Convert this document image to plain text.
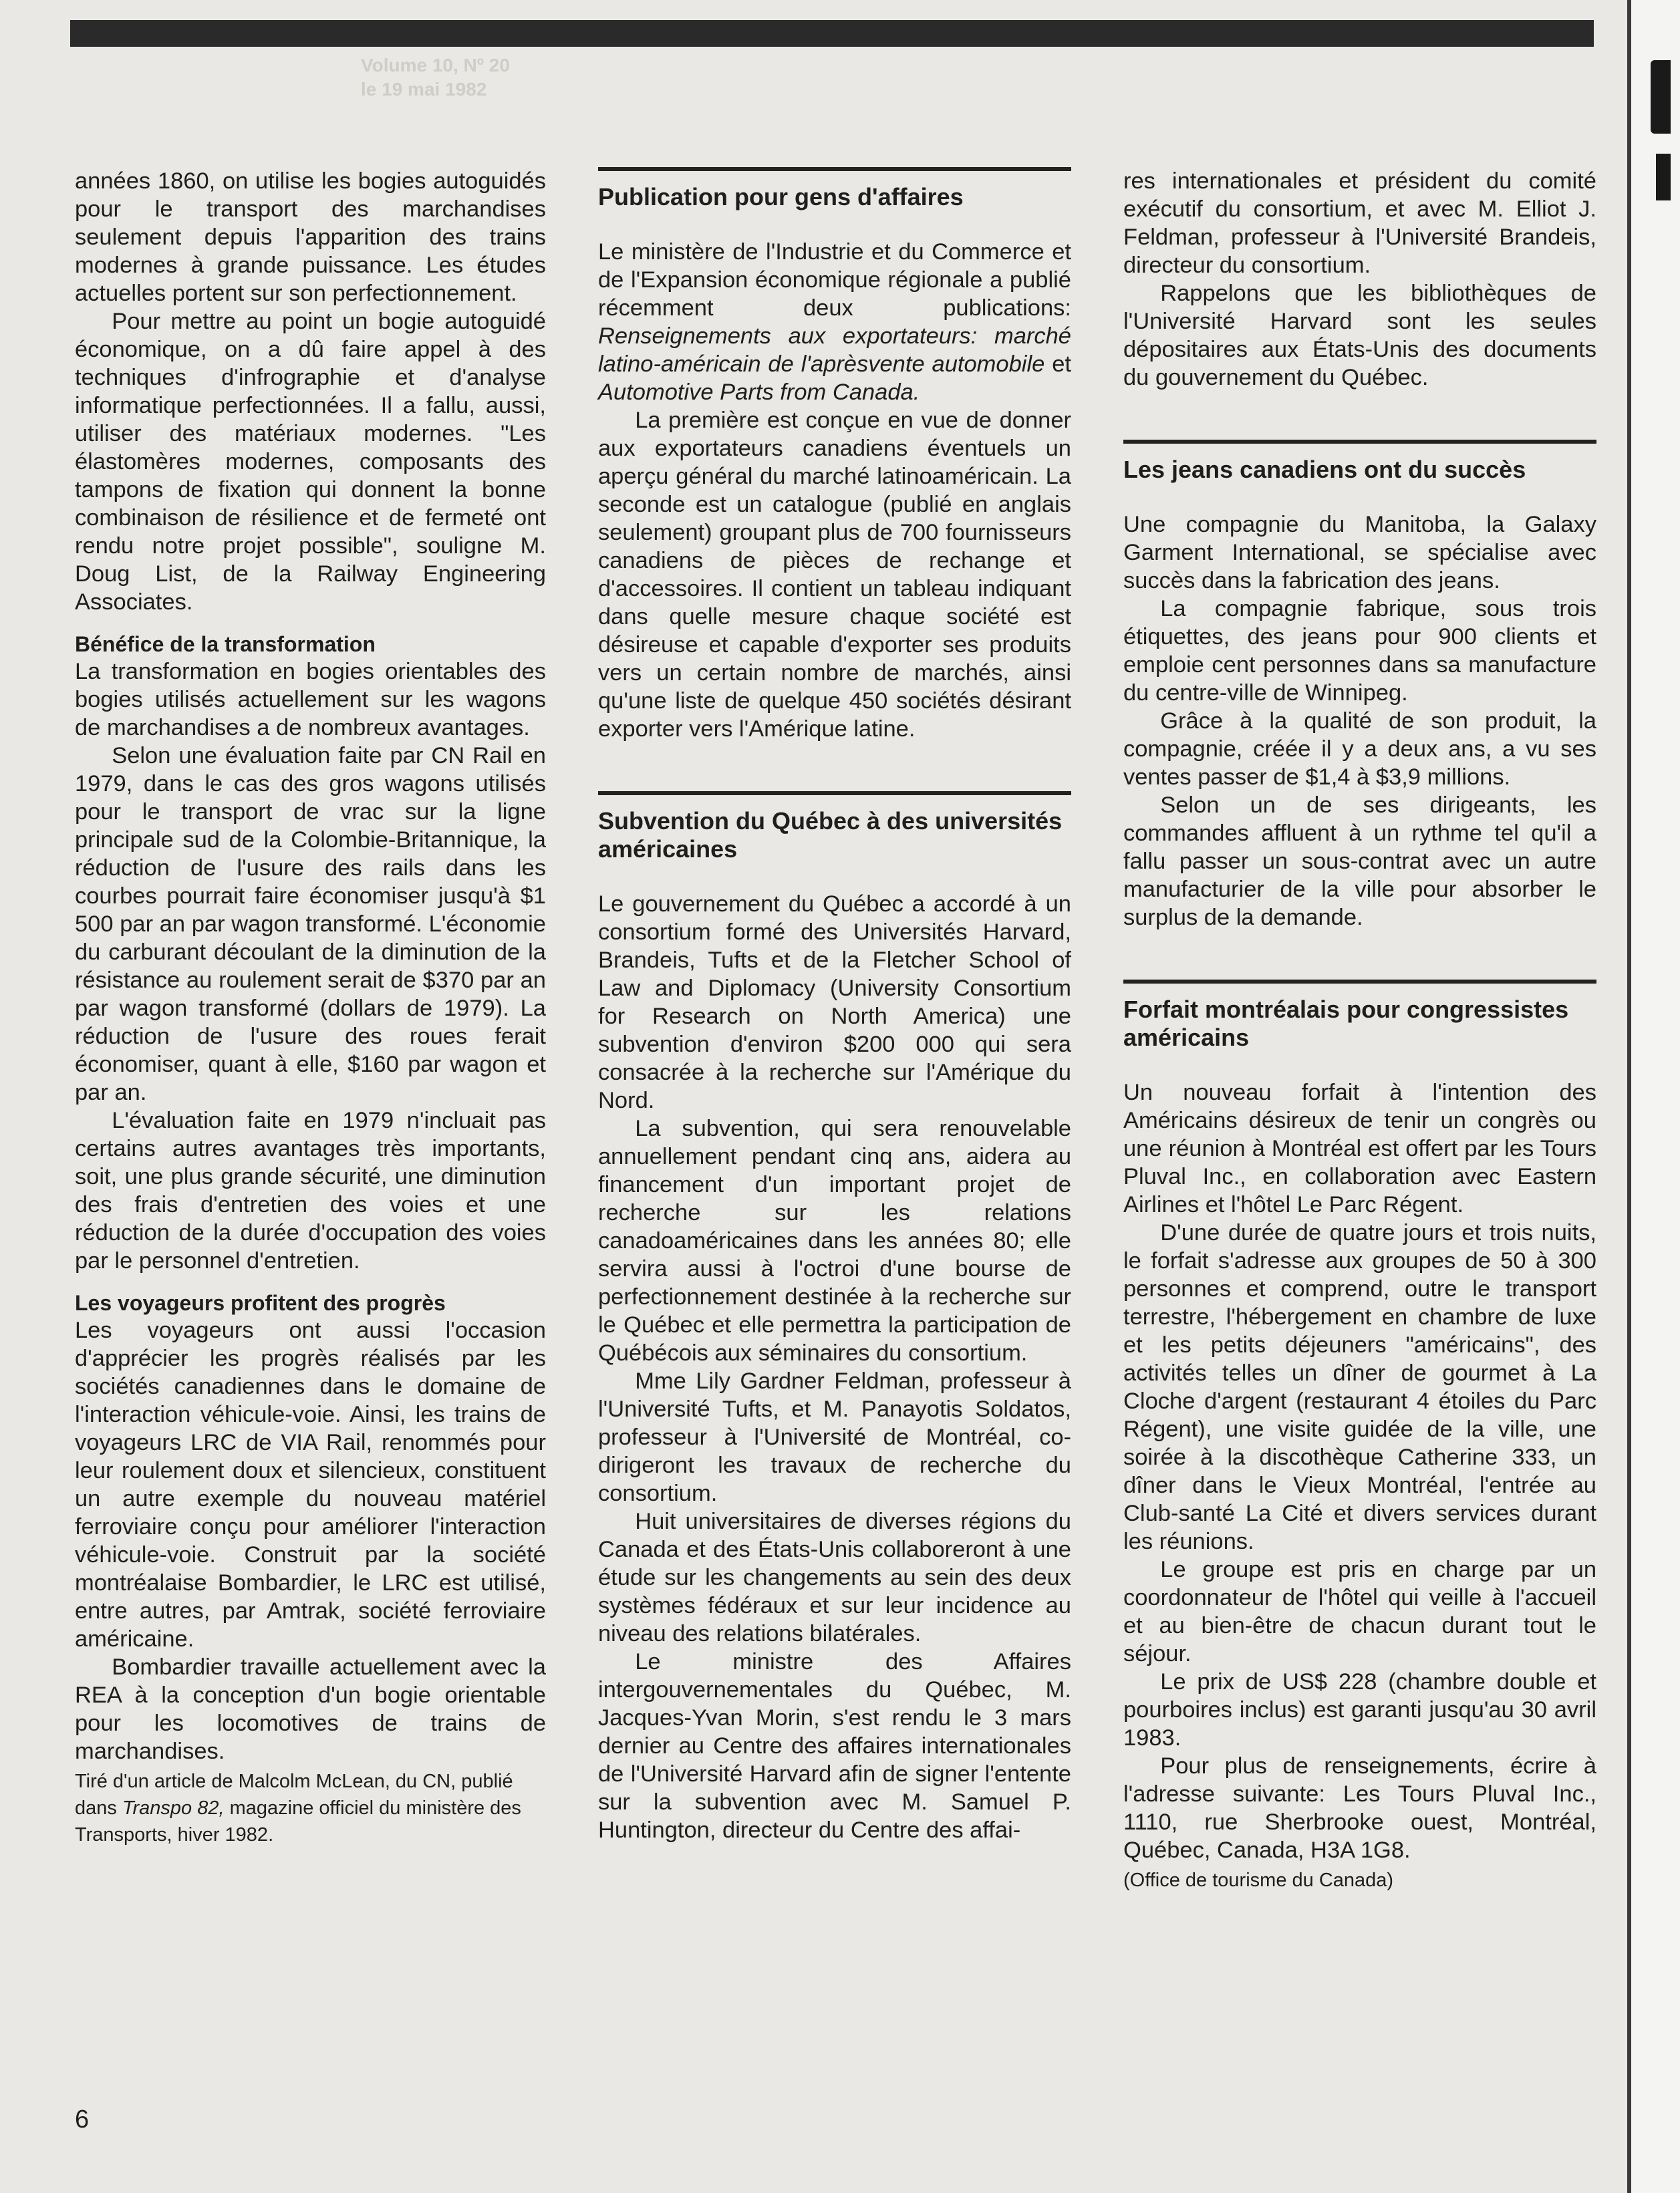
Volume 10, Nº 20
le 19 mai 1982

années 1860, on utilise les bogies autoguidés pour le transport des marchandises seulement depuis l'apparition des trains modernes à grande puissance. Les études actuelles portent sur son perfectionnement.

Pour mettre au point un bogie autoguidé économique, on a dû faire appel à des techniques d'infrographie et d'analyse informatique perfectionnées. Il a fallu, aussi, utiliser des matériaux modernes. "Les élastomères modernes, composants des tampons de fixation qui donnent la bonne combinaison de résilience et de fermeté ont rendu notre projet possible", souligne M. Doug List, de la Railway Engineering Associates.

Bénéfice de la transformation

La transformation en bogies orientables des bogies utilisés actuellement sur les wagons de marchandises a de nombreux avantages.

Selon une évaluation faite par CN Rail en 1979, dans le cas des gros wagons utilisés pour le transport de vrac sur la ligne principale sud de la Colombie-Britannique, la réduction de l'usure des rails dans les courbes pourrait faire économiser jusqu'à $1 500 par an par wagon transformé. L'économie du carburant découlant de la diminution de la résistance au roulement serait de $370 par an par wagon transformé (dollars de 1979). La réduction de l'usure des roues ferait économiser, quant à elle, $160 par wagon et par an.

L'évaluation faite en 1979 n'incluait pas certains autres avantages très importants, soit, une plus grande sécurité, une diminution des frais d'entretien des voies et une réduction de la durée d'occupation des voies par le personnel d'entretien.

Les voyageurs profitent des progrès

Les voyageurs ont aussi l'occasion d'apprécier les progrès réalisés par les sociétés canadiennes dans le domaine de l'interaction véhicule-voie. Ainsi, les trains de voyageurs LRC de VIA Rail, renommés pour leur roulement doux et silencieux, constituent un autre exemple du nouveau matériel ferroviaire conçu pour améliorer l'interaction véhicule-voie. Construit par la société montréalaise Bombardier, le LRC est utilisé, entre autres, par Amtrak, société ferroviaire américaine.

Bombardier travaille actuellement avec la REA à la conception d'un bogie orientable pour les locomotives de trains de marchandises.

Tiré d'un article de Malcolm McLean, du CN, publié dans Transpo 82, magazine officiel du ministère des Transports, hiver 1982.
Publication pour gens d'affaires

Le ministère de l'Industrie et du Commerce et de l'Expansion économique régionale a publié récemment deux publications: Renseignements aux exportateurs: marché latino-américain de l'aprèsvente automobile et Automotive Parts from Canada.

La première est conçue en vue de donner aux exportateurs canadiens éventuels un aperçu général du marché latinoaméricain. La seconde est un catalogue (publié en anglais seulement) groupant plus de 700 fournisseurs canadiens de pièces de rechange et d'accessoires. Il contient un tableau indiquant dans quelle mesure chaque société est désireuse et capable d'exporter ses produits vers un certain nombre de marchés, ainsi qu'une liste de quelque 450 sociétés désirant exporter vers l'Amérique latine.

Subvention du Québec à des universités américaines

Le gouvernement du Québec a accordé à un consortium formé des Universités Harvard, Brandeis, Tufts et de la Fletcher School of Law and Diplomacy (University Consortium for Research on North America) une subvention d'environ $200 000 qui sera consacrée à la recherche sur l'Amérique du Nord.

La subvention, qui sera renouvelable annuellement pendant cinq ans, aidera au financement d'un important projet de recherche sur les relations canadoaméricaines dans les années 80; elle servira aussi à l'octroi d'une bourse de perfectionnement destinée à la recherche sur le Québec et elle permettra la participation de Québécois aux séminaires du consortium.

Mme Lily Gardner Feldman, professeur à l'Université Tufts, et M. Panayotis Soldatos, professeur à l'Université de Montréal, co-dirigeront les travaux de recherche du consortium.

Huit universitaires de diverses régions du Canada et des États-Unis collaboreront à une étude sur les changements au sein des deux systèmes fédéraux et sur leur incidence au niveau des relations bilatérales.

Le ministre des Affaires intergouvernementales du Québec, M. Jacques-Yvan Morin, s'est rendu le 3 mars dernier au Centre des affaires internationales de l'Université Harvard afin de signer l'entente sur la subvention avec M. Samuel P. Huntington, directeur du Centre des affai-

res internationales et président du comité exécutif du consortium, et avec M. Elliot J. Feldman, professeur à l'Université Brandeis, directeur du consortium.

Rappelons que les bibliothèques de l'Université Harvard sont les seules dépositaires aux États-Unis des documents du gouvernement du Québec.

Les jeans canadiens ont du succès

Une compagnie du Manitoba, la Galaxy Garment International, se spécialise avec succès dans la fabrication des jeans.

La compagnie fabrique, sous trois étiquettes, des jeans pour 900 clients et emploie cent personnes dans sa manufacture du centre-ville de Winnipeg.

Grâce à la qualité de son produit, la compagnie, créée il y a deux ans, a vu ses ventes passer de $1,4 à $3,9 millions.

Selon un de ses dirigeants, les commandes affluent à un rythme tel qu'il a fallu passer un sous-contrat avec un autre manufacturier de la ville pour absorber le surplus de la demande.

Forfait montréalais pour congressistes américains

Un nouveau forfait à l'intention des Américains désireux de tenir un congrès ou une réunion à Montréal est offert par les Tours Pluval Inc., en collaboration avec Eastern Airlines et l'hôtel Le Parc Régent.

D'une durée de quatre jours et trois nuits, le forfait s'adresse aux groupes de 50 à 300 personnes et comprend, outre le transport terrestre, l'hébergement en chambre de luxe et les petits déjeuners "américains", des activités telles un dîner de gourmet à La Cloche d'argent (restaurant 4 étoiles du Parc Régent), une visite guidée de la ville, une soirée à la discothèque Catherine 333, un dîner dans le Vieux Montréal, l'entrée au Club-santé La Cité et divers services durant les réunions.

Le groupe est pris en charge par un coordonnateur de l'hôtel qui veille à l'accueil et au bien-être de chacun durant tout le séjour.

Le prix de US$ 228 (chambre double et pourboires inclus) est garanti jusqu'au 30 avril 1983.

Pour plus de renseignements, écrire à l'adresse suivante: Les Tours Pluval Inc., 1110, rue Sherbrooke ouest, Montréal, Québec, Canada, H3A 1G8.

(Office de tourisme du Canada)
6
